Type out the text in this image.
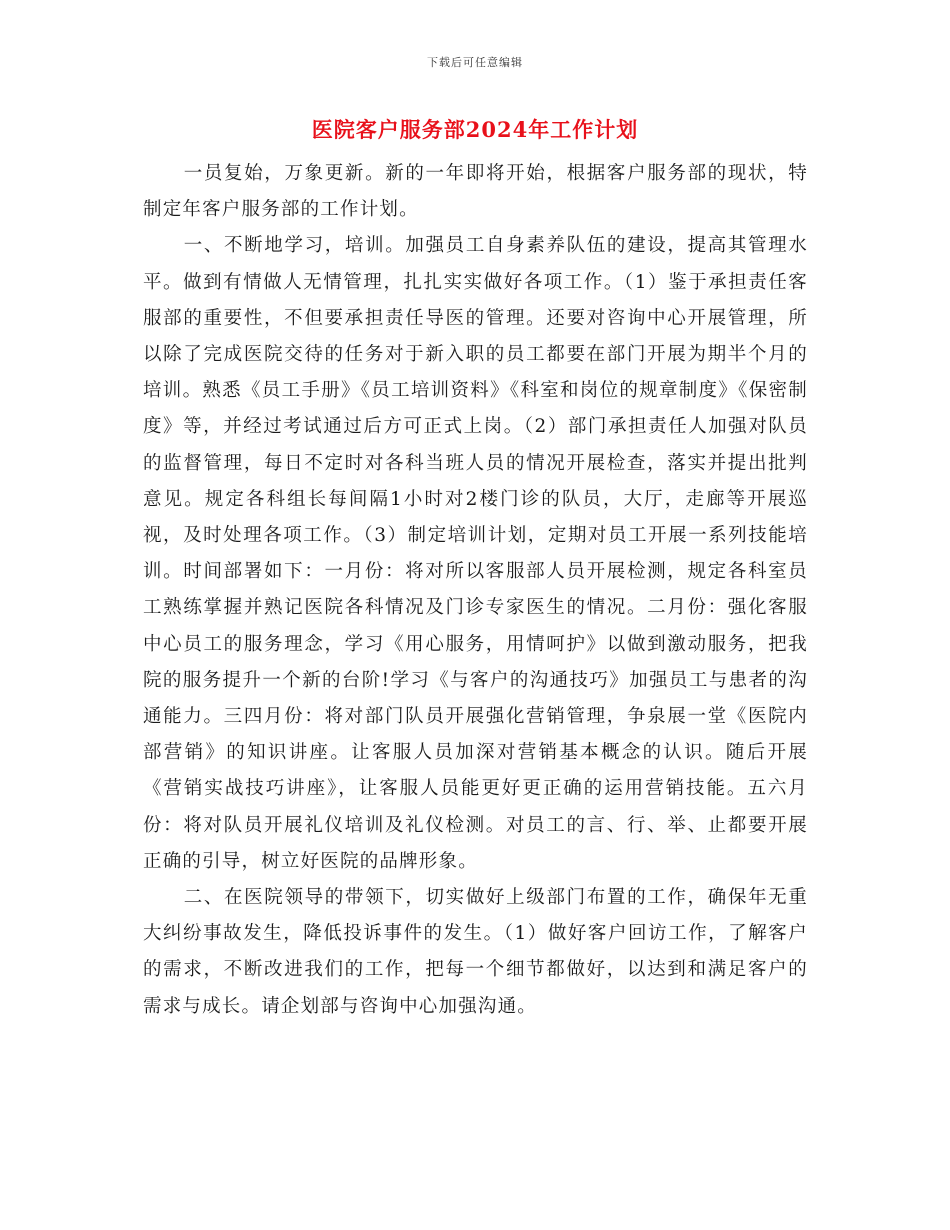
下载后可任意编辑
医院客户服务部2024年工作计划

一员复始，万象更新。新的一年即将开始，根据客户服务部的现状，特制定年客户服务部的工作计划。

一、不断地学习，培训。加强员工自身素养队伍的建设，提高其管理水平。做到有情做人无情管理，扎扎实实做好各项工作。（1）鉴于承担责任客服部的重要性，不但要承担责任导医的管理。还要对咨询中心开展管理，所以除了完成医院交待的任务对于新入职的员工都要在部门开展为期半个月的培训。熟悉《员工手册》《员工培训资料》《科室和岗位的规章制度》《保密制度》等，并经过考试通过后方可正式上岗。（2）部门承担责任人加强对队员的监督管理，每日不定时对各科当班人员的情况开展检查，落实并提出批判意见。规定各科组长每间隔1小时对2楼门诊的队员，大厅，走廊等开展巡视，及时处理各项工作。（3）制定培训计划，定期对员工开展一系列技能培训。时间部署如下：一月份：将对所以客服部人员开展检测，规定各科室员工熟练掌握并熟记医院各科情况及门诊专家医生的情况。二月份：强化客服中心员工的服务理念，学习《用心服务，用情呵护》以做到激动服务，把我院的服务提升一个新的台阶!学习《与客户的沟通技巧》加强员工与患者的沟通能力。三四月份：将对部门队员开展强化营销管理，争泉展一堂《医院内部营销》的知识讲座。让客服人员加深对营销基本概念的认识。随后开展《营销实战技巧讲座》，让客服人员能更好更正确的运用营销技能。五六月份：将对队员开展礼仪培训及礼仪检测。对员工的言、行、举、止都要开展正确的引导，树立好医院的品牌形象。

二、在医院领导的带领下，切实做好上级部门布置的工作，确保年无重大纠纷事故发生，降低投诉事件的发生。（1）做好客户回访工作，了解客户的需求，不断改进我们的工作，把每一个细节都做好，以达到和满足客户的需求与成长。请企划部与咨询中心加强沟通。
